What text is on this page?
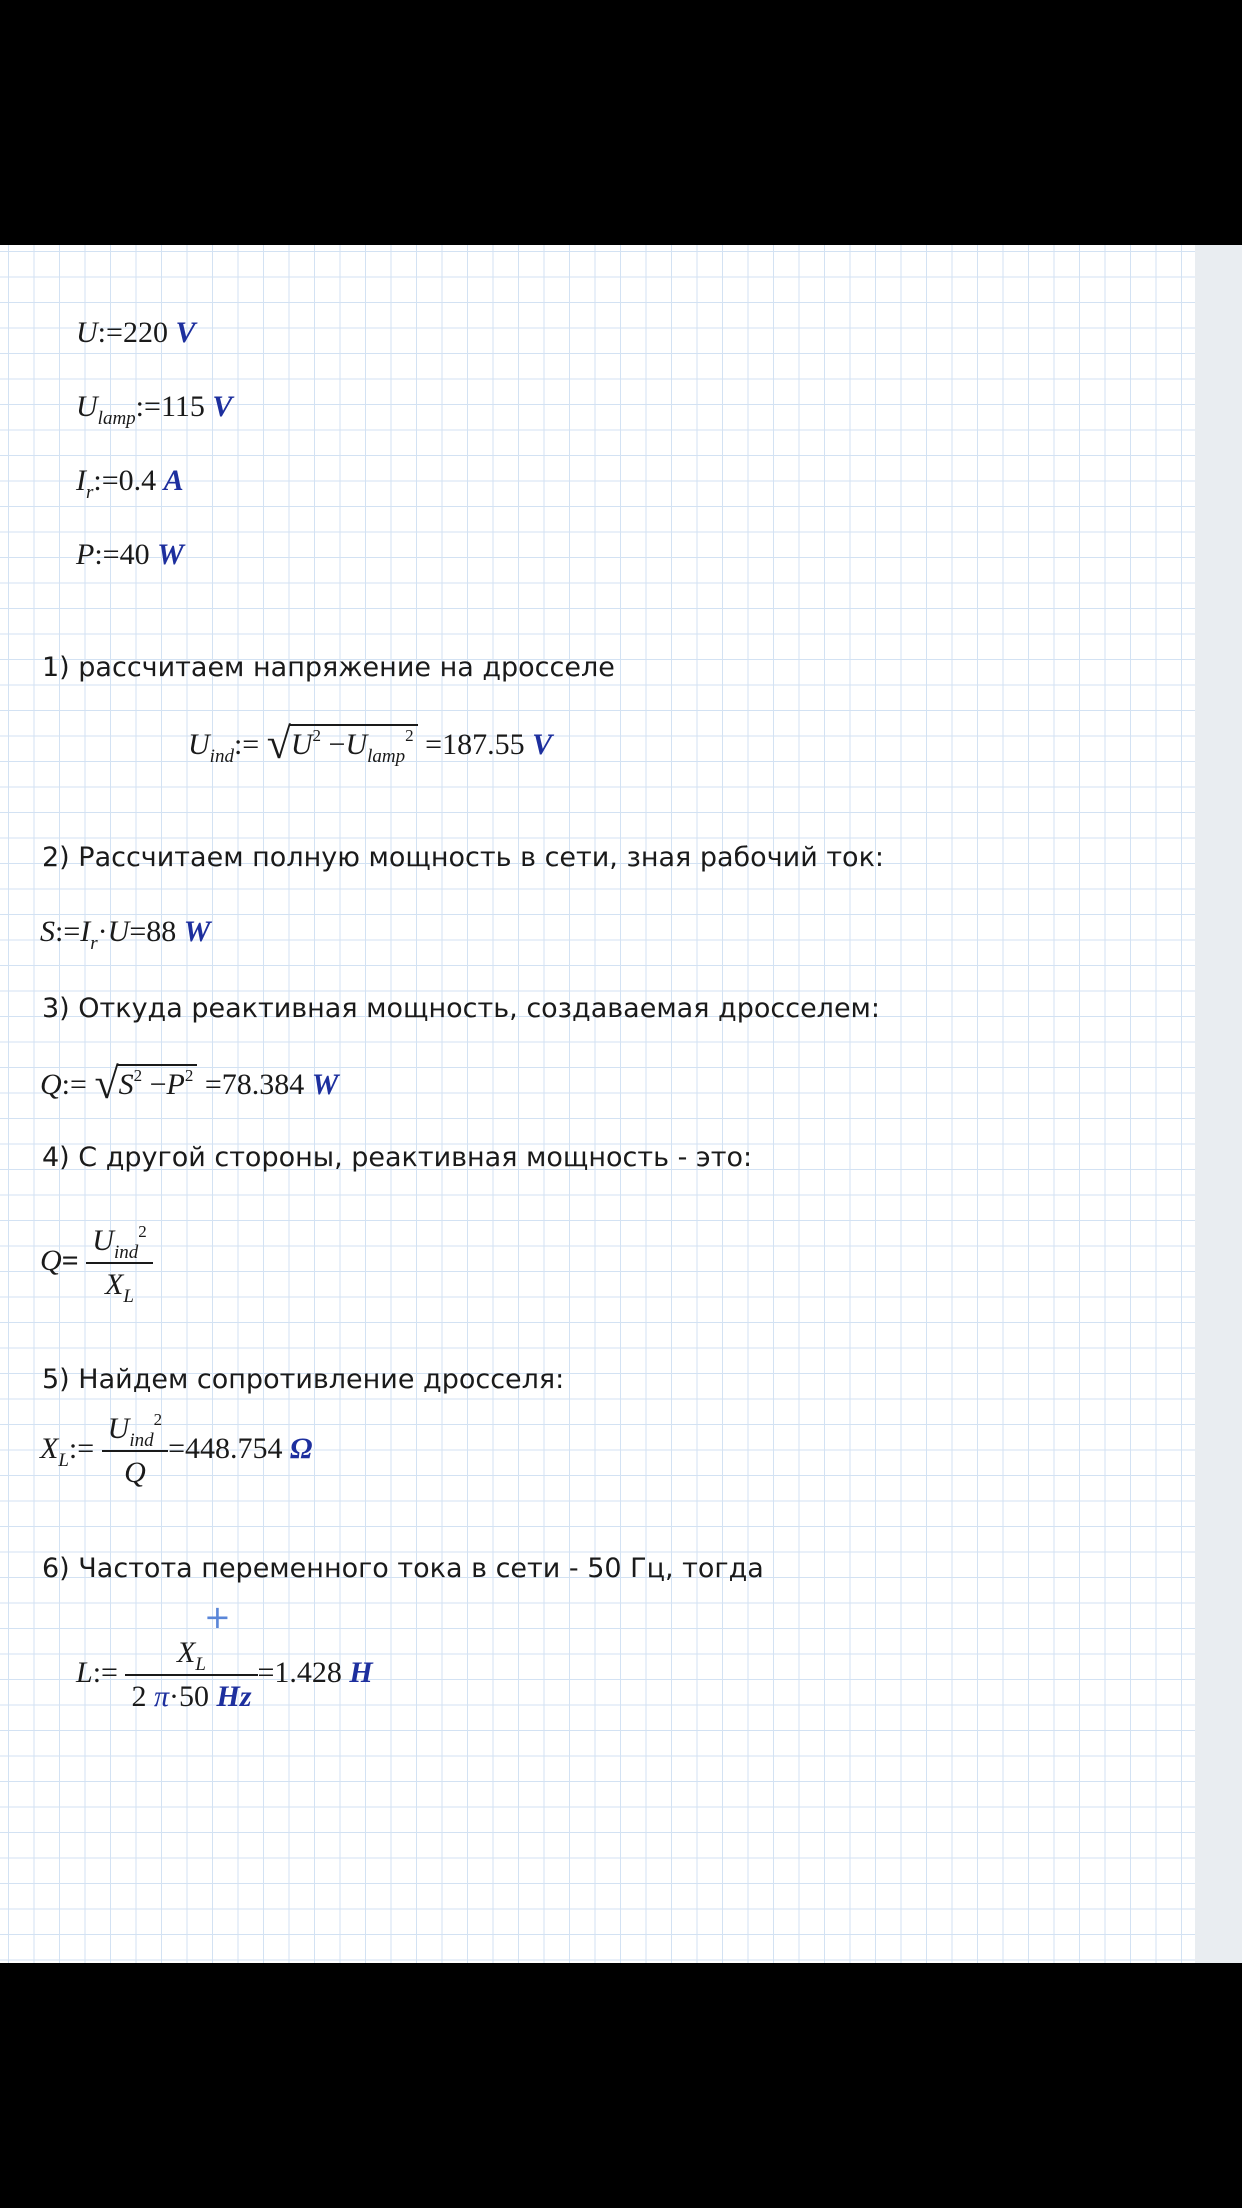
U:=220 V
$U_{lamp}:=115$ V
$I_r:=0.4$ A
P:=40 W
1) рассчитаем напряжение на дросселе
$U_{ind}:= √U^2 -U_{lamp}^2 =187.55$ V
2) Рассчитаем полную мощность в сети, зная рабочий ток:
$S:=I_r\cdot U=88$ W
3) Откуда реактивная мощность, создаваемая дросселем:
Q:= $√S^2 -P^2 =78.384$ W
4) С другой стороны, реактивная мощность - это:
$Q= \frac{U_{ind}^2}{X_L}$
5) Найдем сопротивление дросселя:
$X_L:= \frac{U_{ind}^2}{Q} =448.754$ Ω
6) Частота переменного тока в сети - 50 Гц, тогда
+
L:= $\frac{X_L}{2 \pi\cdot 50 Hz} =1.428$ H
